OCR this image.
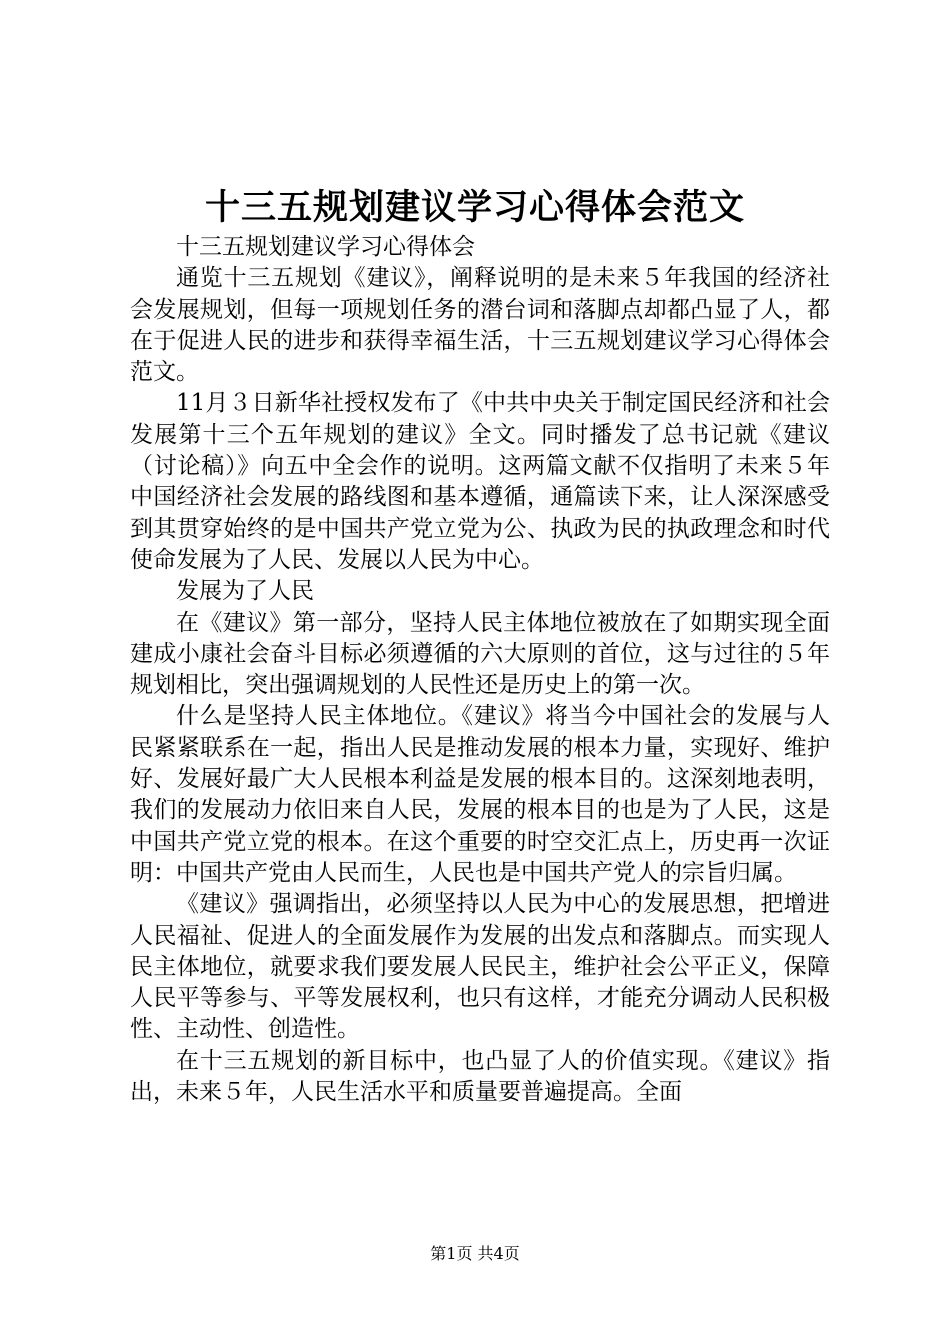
十三五规划建议学习心得体会范文

十三五规划建议学习心得体会

通览十三五规划《建议》，阐释说明的是未来５年我国的经济社会发展规划，但每一项规划任务的潜台词和落脚点却都凸显了人，都在于促进人民的进步和获得幸福生活，十三五规划建议学习心得体会范文。

11月３日新华社授权发布了《中共中央关于制定国民经济和社会发展第十三个五年规划的建议》全文。同时播发了总书记就《建议（讨论稿）》向五中全会作的说明。这两篇文献不仅指明了未来５年中国经济社会发展的路线图和基本遵循，通篇读下来，让人深深感受到其贯穿始终的是中国共产党立党为公、执政为民的执政理念和时代使命发展为了人民、发展以人民为中心。

发展为了人民

在《建议》第一部分，坚持人民主体地位被放在了如期实现全面建成小康社会奋斗目标必须遵循的六大原则的首位，这与过往的５年规划相比，突出强调规划的人民性还是历史上的第一次。

什么是坚持人民主体地位。《建议》将当今中国社会的发展与人民紧紧联系在一起，指出人民是推动发展的根本力量，实现好、维护好、发展好最广大人民根本利益是发展的根本目的。这深刻地表明，我们的发展动力依旧来自人民，发展的根本目的也是为了人民，这是中国共产党立党的根本。在这个重要的时空交汇点上，历史再一次证明：中国共产党由人民而生，人民也是中国共产党人的宗旨归属。

《建议》强调指出，必须坚持以人民为中心的发展思想，把增进人民福祉、促进人的全面发展作为发展的出发点和落脚点。而实现人民主体地位，就要求我们要发展人民民主，维护社会公平正义，保障人民平等参与、平等发展权利，也只有这样，才能充分调动人民积极性、主动性、创造性。

在十三五规划的新目标中，也凸显了人的价值实现。《建议》指出，未来５年，人民生活水平和质量要普遍提高。全面

第1页 共4页
